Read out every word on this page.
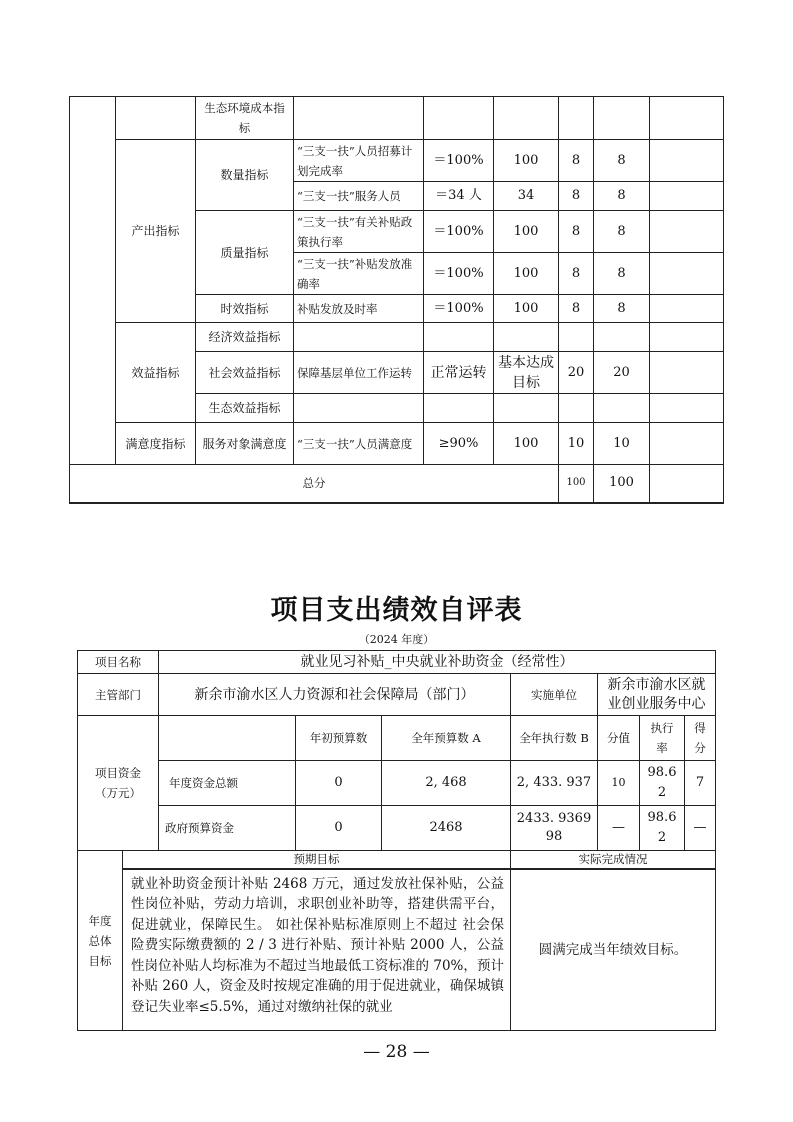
		生态环境成本指标						
	产出指标	数量指标	“三支一扶”人员招募计划完成率	＝100%	100	8	8	
			“三支一扶”服务人员	＝34 人	34	8	8	
		质量指标	“三支一扶”有关补贴政策执行率	＝100%	100	8	8	
			“三支一扶”补贴发放准确率	＝100%	100	8	8	
		时效指标	补贴发放及时率	＝100%	100	8	8	
	效益指标	经济效益指标						
		社会效益指标	保障基层单位工作运转	正常运转	基本达成目标	20	20	
		生态效益指标						
	满意度指标	服务对象满意度	“三支一扶”人员满意度	≥90%	100	10	10	
总分						100	100	
项目支出绩效自评表
（2024 年度）
项目名称		就业见习补贴_中央就业补助资金（经常性）						
主管部门		新余市渝水区人力资源和社会保障局（部门）			实施单位	新余市渝水区就业创业服务中心		
项目资金（万元）			年初预算数	全年预算数 A	全年执行数 B	分值	执行率	得分
		年度资金总额	0	2, 468	2, 433. 937	10	98.62	7
		政府预算资金	0	2468	2433. 936998	—	98.62	—
年度总体目标	预期目标				实际完成情况			
	就业补助资金预计补贴 2468 万元，通过发放社保补贴，公益性岗位补贴，劳动力培训，求职创业补助等，搭建供需平台，促进就业，保障民生。 如社保补贴标准原则上不超过 社会保险费实际缴费额的 2 / 3 进行补贴、预计补贴 2000 人，公益性岗位补贴人均标准为不超过当地最低工资标准的 70%，预计补贴 260 人，资金及时按规定准确的用于促进就业，确保城镇登记失业率≤5.5%，通过对缴纳社保的就业				圆满完成当年绩效目标。			
— 28 —
